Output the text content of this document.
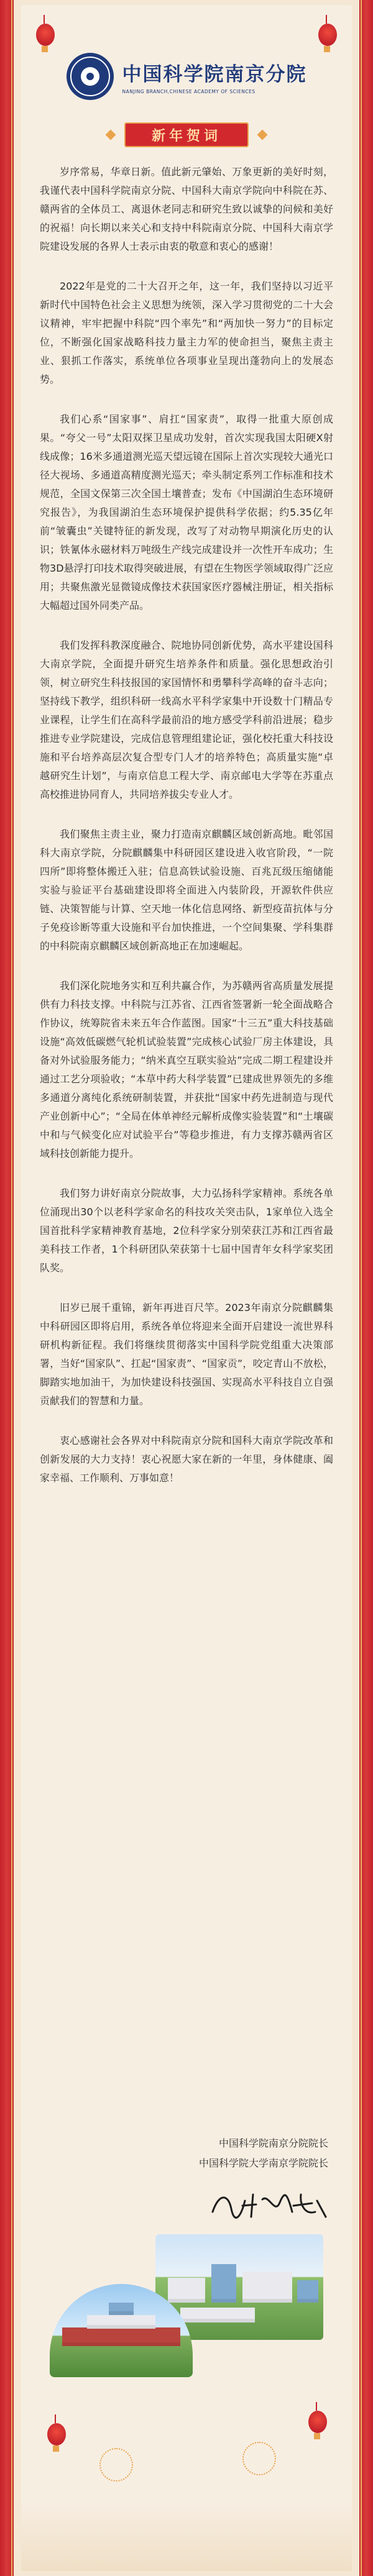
中国科学院南京分院
NANJING BRANCH,CHINESE ACADEMY OF SCIENCES
新年贺词

岁序常易，华章日新。值此新元肇始、万象更新的美好时刻，我谨代表中国科学院南京分院、中国科大南京学院向中科院在苏、赣两省的全体员工、离退休老同志和研究生致以诚挚的问候和美好的祝福！向长期以来关心和支持中科院南京分院、中国科大南京学院建设发展的各界人士表示由衷的敬意和衷心的感谢！

2022年是党的二十大召开之年，这一年，我们坚持以习近平新时代中国特色社会主义思想为统领，深入学习贯彻党的二十大会议精神，牢牢把握中科院“四个率先”和“两加快一努力”的目标定位，不断强化国家战略科技力量主力军的使命担当，聚焦主责主业、狠抓工作落实，系统单位各项事业呈现出蓬勃向上的发展态势。

我们心系“国家事”、肩扛“国家责”，取得一批重大原创成果。“夸父一号”太阳双探卫星成功发射，首次实现我国太阳硬X射线成像；16米多通道测光巡天望远镜在国际上首次实现较大通光口径大视场、多通道高精度测光巡天；牵头制定系列工作标准和技术规范，全国文保第三次全国土壤普查；发布《中国湖泊生态环境研究报告》，为我国湖泊生态环境保护提供科学依据；约5.35亿年前“皱囊虫”关键特征的新发现，改写了对动物早期演化历史的认识；铁氰体永磁材料万吨级生产线完成建设并一次性开车成功；生物3D悬浮打印技术取得突破进展，有望在生物医学领域取得广泛应用；共聚焦激光显微镜成像技术获国家医疗器械注册证，相关指标大幅超过国外同类产品。

我们发挥科教深度融合、院地协同创新优势，高水平建设国科大南京学院，全面提升研究生培养条件和质量。强化思想政治引领，树立研究生科技报国的家国情怀和勇攀科学高峰的奋斗志向；坚持线下教学，组织科研一线高水平科学家集中开设数十门精品专业课程，让学生们在高科学最前沿的地方感受学科前沿进展；稳步推进专业学院建设，完成信息管理组建论证，强化校托重大科技设施和平台培养高层次复合型专门人才的培养特色；高质量实施“卓越研究生计划”，与南京信息工程大学、南京邮电大学等在苏重点高校推进协同育人，共同培养拔尖专业人才。

我们聚焦主责主业，聚力打造南京麒麟区域创新高地。毗邻国科大南京学院，分院麒麟集中科研园区建设进入收官阶段，“一院四所”即将整体搬迁入驻；信息高铁试验设施、百兆瓦级压缩储能实验与验证平台基础建设即将全面进入内装阶段，开源软件供应链、决策智能与计算、空天地一体化信息网络、新型疫苗抗体与分子免疫诊断等重大设施和平台加快推进，一个空间集聚、学科集群的中科院南京麒麟区域创新高地正在加速崛起。

我们深化院地务实和互利共赢合作，为苏赣两省高质量发展提供有力科技支撑。中科院与江苏省、江西省签署新一轮全面战略合作协议，统筹院省未来五年合作蓝图。国家“十三五”重大科技基础设施“高效低碳燃气轮机试验装置”完成核心试验厂房主体建设，具备对外试验服务能力；“纳米真空互联实验站”完成二期工程建设并通过工艺分项验收；“本草中药大科学装置”已建成世界领先的多维多通道分离纯化系统研制装置，并获批“国家中药先进制造与现代产业创新中心”；“全局在体单神经元解析成像实验装置”和“土壤碳中和与气候变化应对试验平台”等稳步推进，有力支撑苏赣两省区域科技创新能力提升。

我们努力讲好南京分院故事，大力弘扬科学家精神。系统各单位涌现出30个以老科学家命名的科技攻关突击队，1家单位入选全国首批科学家精神教育基地，2位科学家分别荣获江苏和江西省最美科技工作者，1个科研团队荣获第十七届中国青年女科学家奖团队奖。

旧岁已展千重锦，新年再进百尺竿。2023年南京分院麒麟集中科研园区即将启用，系统各单位将迎来全面开启建设一流世界科研机构新征程。我们将继续贯彻落实中国科学院党组重大决策部署，当好“国家队”、扛起“国家责”、“国家贡”，咬定青山不放松，脚踏实地加油干，为加快建设科技强国、实现高水平科技自立自强贡献我们的智慧和力量。

衷心感谢社会各界对中科院南京分院和国科大南京学院改革和创新发展的大力支持！衷心祝愿大家在新的一年里，身体健康、阖家幸福、工作顺利、万事如意！

中国科学院南京分院院长
中国科学院大学南京学院院长
